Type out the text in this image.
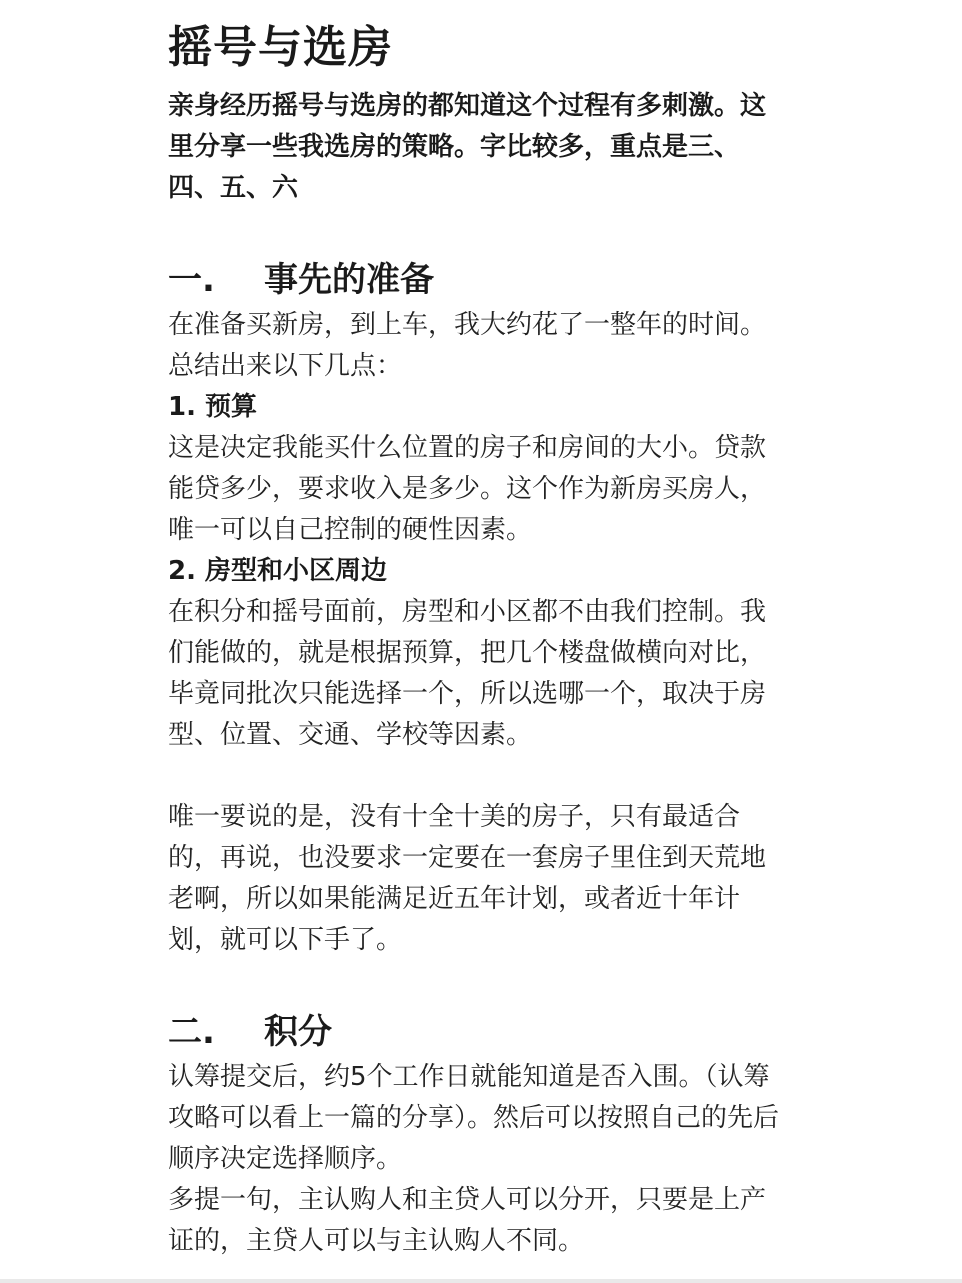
摇号与选房

亲身经历摇号与选房的都知道这个过程有多刺激。这里分享一些我选房的策略。字比较多，重点是三、四、五、六

一.	事先的准备

在准备买新房，到上车，我大约花了一整年的时间。总结出来以下几点：

1. 预算

这是决定我能买什么位置的房子和房间的大小。贷款能贷多少，要求收入是多少。这个作为新房买房人，唯一可以自己控制的硬性因素。

2. 房型和小区周边

在积分和摇号面前，房型和小区都不由我们控制。我们能做的，就是根据预算，把几个楼盘做横向对比，毕竟同批次只能选择一个，所以选哪一个，取决于房型、位置、交通、学校等因素。

唯一要说的是，没有十全十美的房子，只有最适合的，再说，也没要求一定要在一套房子里住到天荒地老啊，所以如果能满足近五年计划，或者近十年计划，就可以下手了。

二.	积分

认筹提交后，约5个工作日就能知道是否入围。（认筹攻略可以看上一篇的分享）。然后可以按照自己的先后顺序决定选择顺序。

多提一句，主认购人和主贷人可以分开，只要是上产证的，主贷人可以与主认购人不同。
